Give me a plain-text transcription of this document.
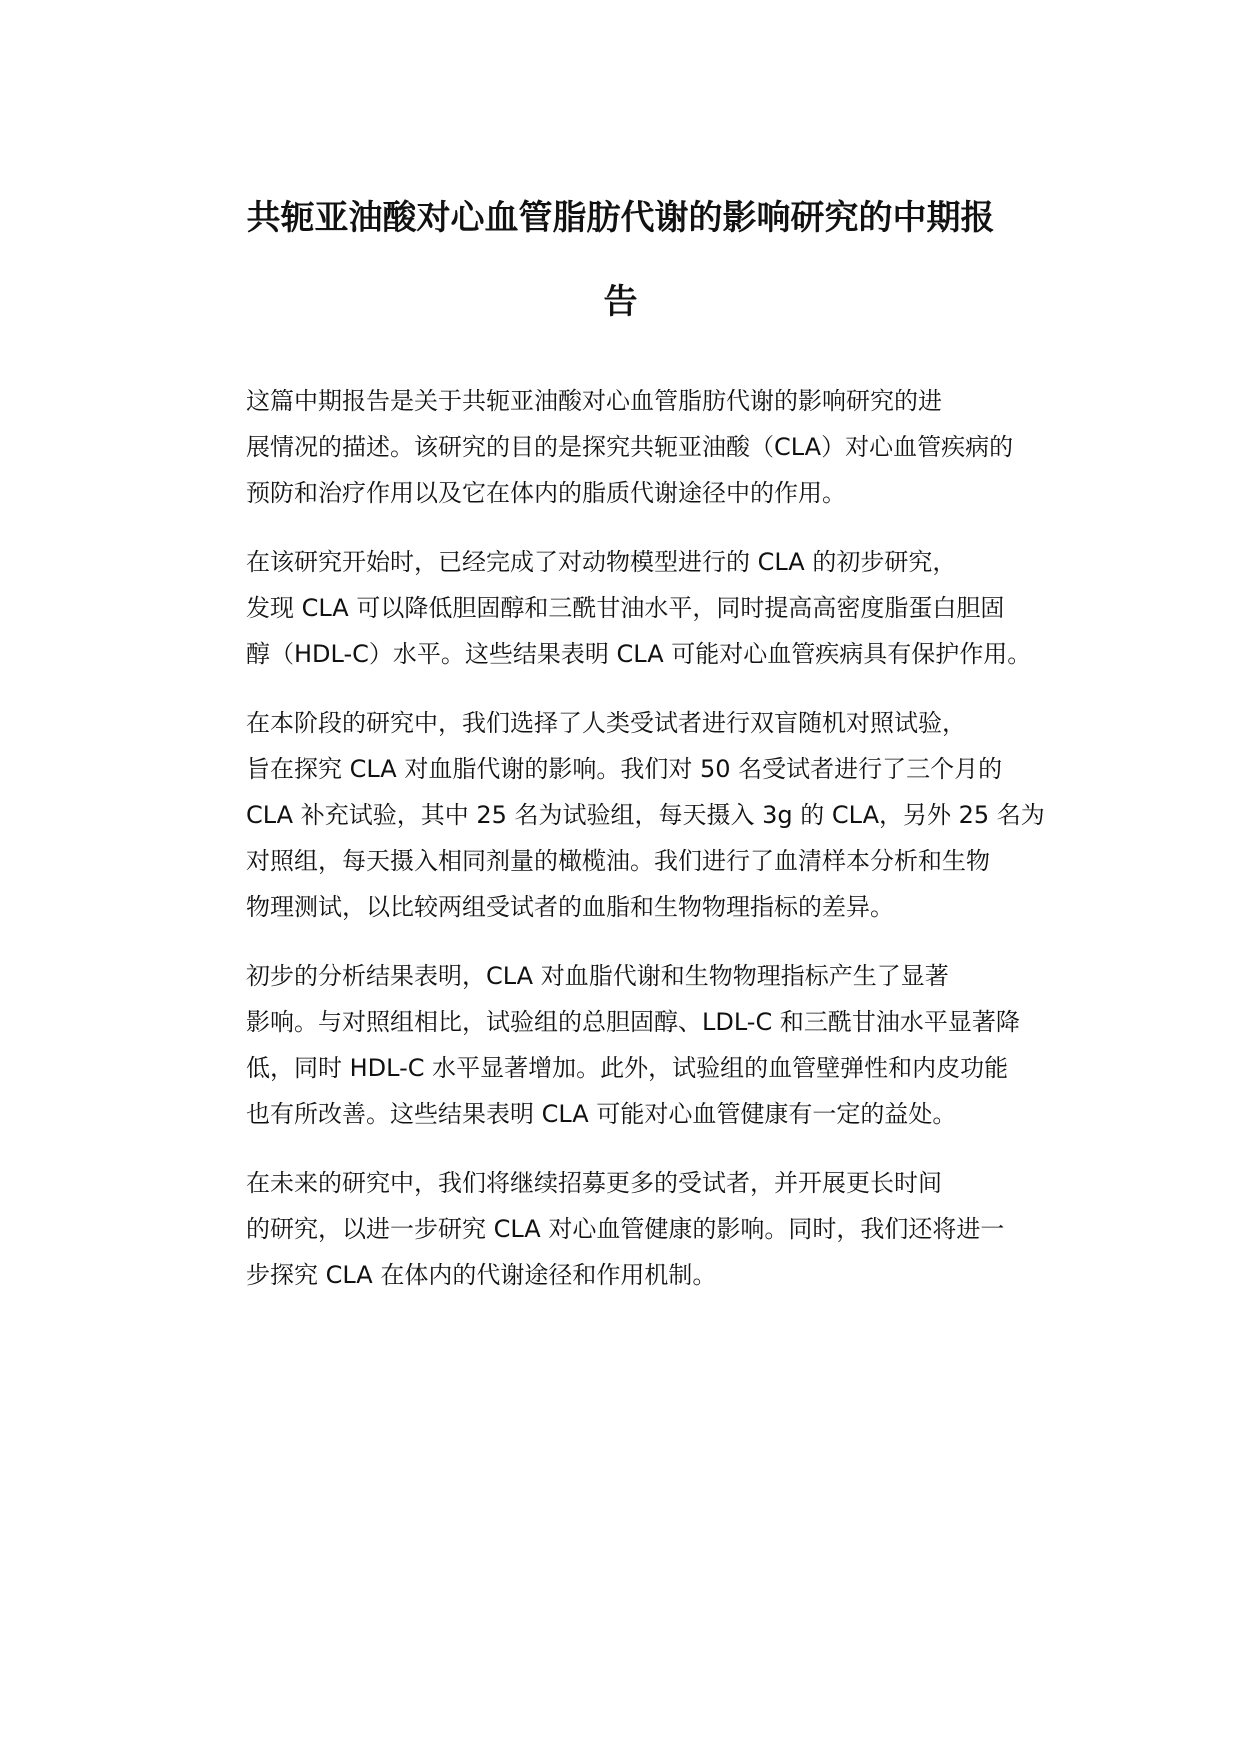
共轭亚油酸对心血管脂肪代谢的影响研究的中期报
告

这篇中期报告是关于共轭亚油酸对心血管脂肪代谢的影响研究的进
展情况的描述。该研究的目的是探究共轭亚油酸（CLA）对心血管疾病的
预防和治疗作用以及它在体内的脂质代谢途径中的作用。

在该研究开始时，已经完成了对动物模型进行的 CLA 的初步研究，
发现 CLA 可以降低胆固醇和三酰甘油水平，同时提高高密度脂蛋白胆固
醇（HDL-C）水平。这些结果表明 CLA 可能对心血管疾病具有保护作用。

在本阶段的研究中，我们选择了人类受试者进行双盲随机对照试验，
旨在探究 CLA 对血脂代谢的影响。我们对 50 名受试者进行了三个月的
CLA 补充试验，其中 25 名为试验组，每天摄入 3g 的 CLA，另外 25 名为
对照组，每天摄入相同剂量的橄榄油。我们进行了血清样本分析和生物
物理测试，以比较两组受试者的血脂和生物物理指标的差异。

初步的分析结果表明，CLA 对血脂代谢和生物物理指标产生了显著
影响。与对照组相比，试验组的总胆固醇、LDL-C 和三酰甘油水平显著降
低，同时 HDL-C 水平显著增加。此外，试验组的血管壁弹性和内皮功能
也有所改善。这些结果表明 CLA 可能对心血管健康有一定的益处。

在未来的研究中，我们将继续招募更多的受试者，并开展更长时间
的研究，以进一步研究 CLA 对心血管健康的影响。同时，我们还将进一
步探究 CLA 在体内的代谢途径和作用机制。
